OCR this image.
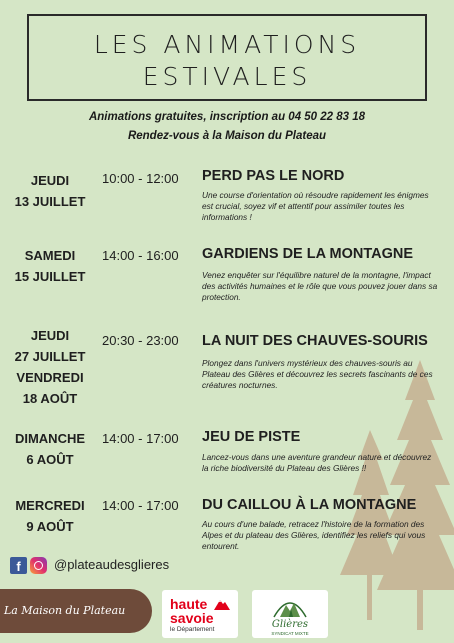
LES ANIMATIONS
ESTIVALES
Animations gratuites, inscription au 04 50 22 83 18
Rendez-vous à la Maison du Plateau
JEUDI
13 JUILLET
10:00 - 12:00	PERD PAS LE NORD
Une course d'orientation où résoudre rapidement les énigmes est crucial, soyez vif et attentif pour assimiler toutes les informations !
SAMEDI
15 JUILLET
14:00 - 16:00	GARDIENS DE LA MONTAGNE
Venez enquêter sur l'équilibre naturel de la montagne, l'impact des activités humaines et le rôle que vous pouvez jouer dans sa protection.
JEUDI
27 JUILLET
VENDREDI
18 AOÛT
20:30 - 23:00	LA NUIT DES CHAUVES-SOURIS
Plongez dans l'univers mystérieux des chauves-souris au Plateau des Glières et découvrez les secrets fascinants de ces créatures nocturnes.
DIMANCHE
6 AOÛT
14:00 - 17:00	JEU DE PISTE
Lancez-vous dans une aventure grandeur nature et découvrez la riche biodiversité du Plateau des Glières !!
MERCREDI
9 AOÛT
14:00 - 17:00	DU CAILLOU À LA MONTAGNE
Au cours d'une balade, retracez l'histoire de la formation des Alpes et du plateau des Glières, identifiez les reliefs qui vous entourent.
f	@plateaudesglieres
La Maison du Plateau	haute
savoie
le Département	Glières
SYNDICAT MIXTE
